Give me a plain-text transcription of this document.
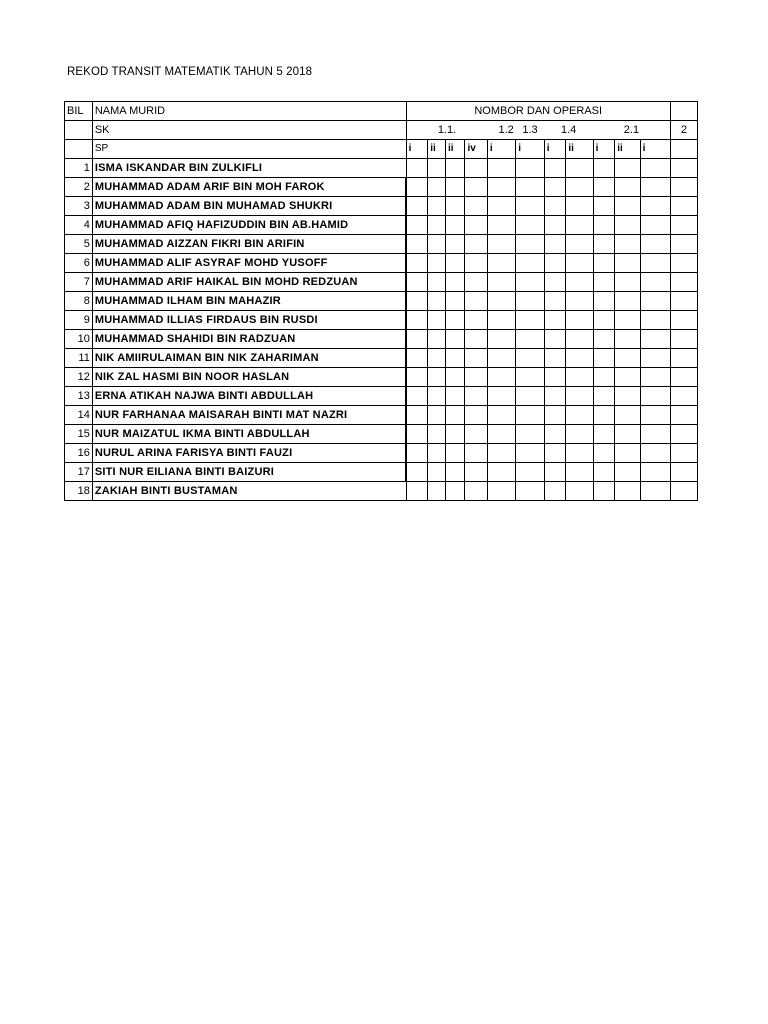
REKOD TRANSIT MATEMATIK TAHUN 5 2018
BIL	NAMA MURID	NOMBOR DAN OPERASI											
	SK	1.1.				1.2	1.3	1.4		2.1			2
	SP	i	ii	ii	iv	i	i	i	ii	i	ii	i	
1	ISMA ISKANDAR BIN ZULKIFLI												
2	MUHAMMAD ADAM ARIF BIN MOH FAROK												
3	MUHAMMAD ADAM BIN MUHAMAD SHUKRI												
4	MUHAMMAD AFIQ HAFIZUDDIN BIN AB.HAMID												
5	MUHAMMAD AIZZAN FIKRI BIN ARIFIN												
6	MUHAMMAD ALIF ASYRAF MOHD YUSOFF												
7	MUHAMMAD ARIF HAIKAL BIN MOHD REDZUAN												
8	MUHAMMAD ILHAM BIN MAHAZIR												
9	MUHAMMAD ILLIAS FIRDAUS BIN RUSDI												
10	MUHAMMAD SHAHIDI BIN RADZUAN												
11	NIK AMIIRULAIMAN BIN NIK ZAHARIMAN												
12	NIK ZAL HASMI BIN NOOR HASLAN												
13	ERNA ATIKAH NAJWA BINTI ABDULLAH												
14	NUR FARHANAA MAISARAH BINTI MAT NAZRI												
15	NUR MAIZATUL IKMA BINTI ABDULLAH												
16	NURUL ARINA FARISYA BINTI FAUZI												
17	SITI NUR EILIANA BINTI BAIZURI												
18	ZAKIAH BINTI BUSTAMAN												
